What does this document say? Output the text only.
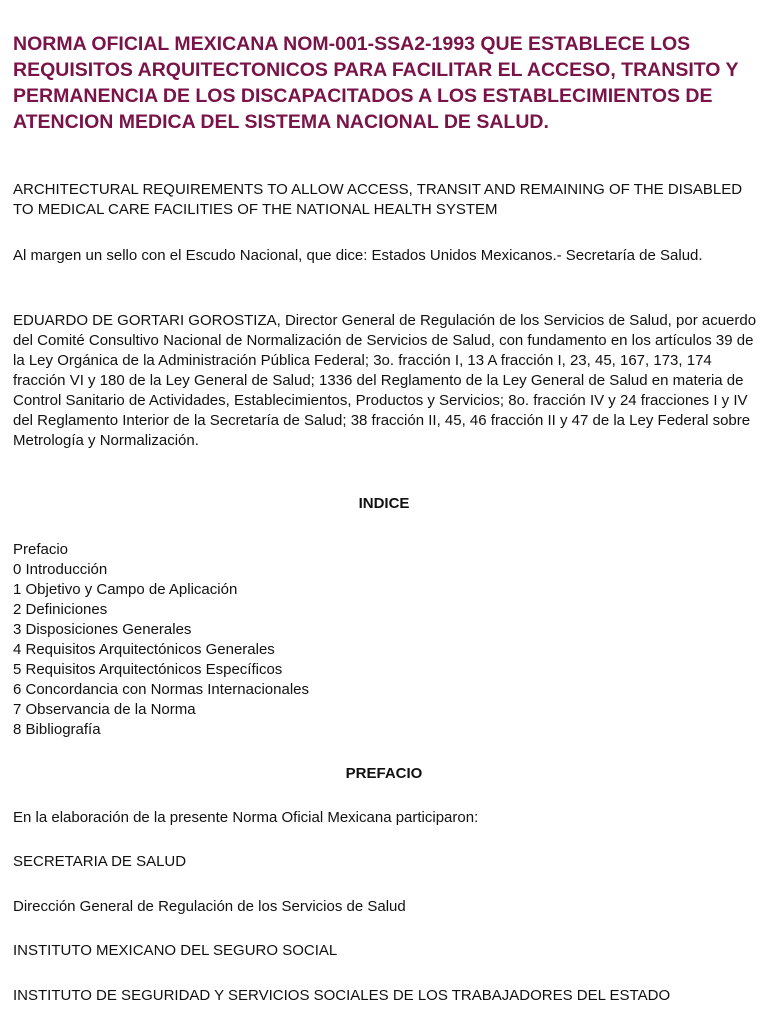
NORMA OFICIAL MEXICANA NOM-001-SSA2-1993 QUE ESTABLECE LOS REQUISITOS ARQUITECTONICOS PARA FACILITAR EL ACCESO, TRANSITO Y PERMANENCIA DE LOS DISCAPACITADOS A LOS ESTABLECIMIENTOS DE ATENCION MEDICA DEL SISTEMA NACIONAL DE SALUD.

ARCHITECTURAL REQUIREMENTS TO ALLOW ACCESS, TRANSIT AND REMAINING OF THE DISABLED TO MEDICAL CARE FACILITIES OF THE NATIONAL HEALTH SYSTEM

Al margen un sello con el Escudo Nacional, que dice: Estados Unidos Mexicanos.- Secretaría de Salud.

EDUARDO DE GORTARI GOROSTIZA, Director General de Regulación de los Servicios de Salud, por acuerdo del Comité Consultivo Nacional de Normalización de Servicios de Salud, con fundamento en los artículos 39 de la Ley Orgánica de la Administración Pública Federal; 3o. fracción I, 13 A fracción I, 23, 45, 167, 173, 174 fracción VI y 180 de la Ley General de Salud; 1336 del Reglamento de la Ley General de Salud en materia de Control Sanitario de Actividades, Establecimientos, Productos y Servicios; 8o. fracción IV y 24 fracciones I y IV del Reglamento Interior de la Secretaría de Salud; 38 fracción II, 45, 46 fracción II y 47 de la Ley Federal sobre Metrología y Normalización.

INDICE
Prefacio
0 Introducción
1 Objetivo y Campo de Aplicación
2 Definiciones
3 Disposiciones Generales
4 Requisitos Arquitectónicos Generales
5 Requisitos Arquitectónicos Específicos
6 Concordancia con Normas Internacionales
7 Observancia de la Norma
8 Bibliografía
PREFACIO

En la elaboración de la presente Norma Oficial Mexicana participaron:

SECRETARIA DE SALUD

Dirección General de Regulación de los Servicios de Salud

INSTITUTO MEXICANO DEL SEGURO SOCIAL

INSTITUTO DE SEGURIDAD Y SERVICIOS SOCIALES DE LOS TRABAJADORES DEL ESTADO
